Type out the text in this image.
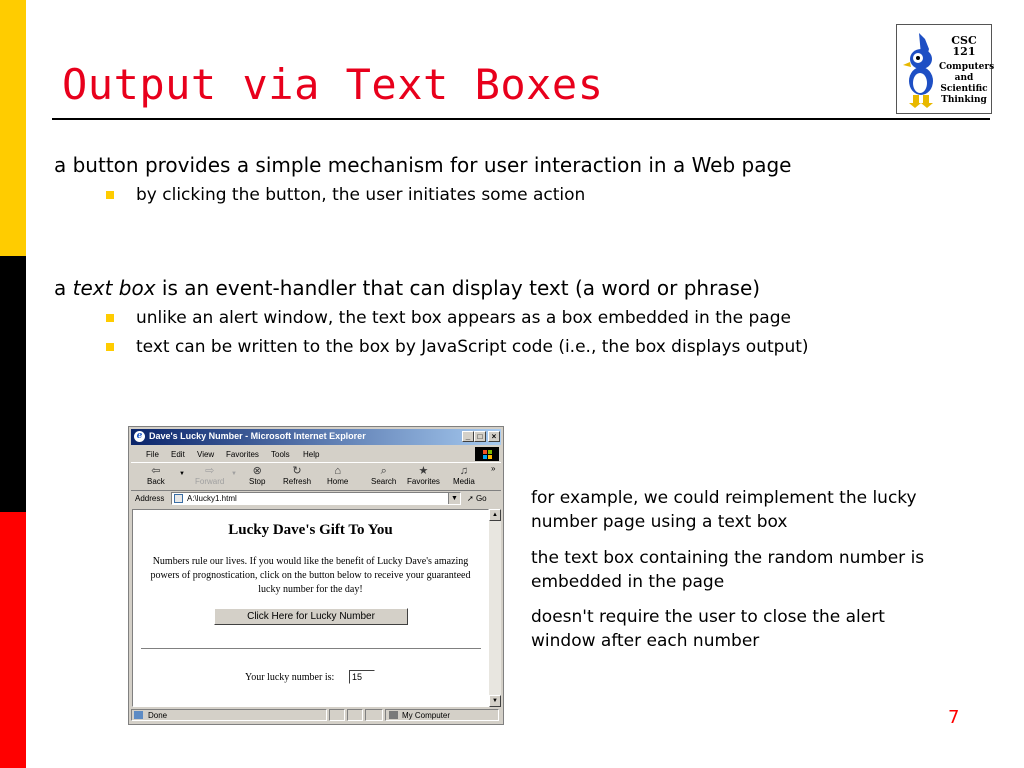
Output via Text Boxes
CSC 121
Computers
and
Scientific
Thinking
a button provides a simple mechanism for user interaction in a Web page
by clicking the button, the user initiates some action
a text box is an event-handler that can display text (a word or phrase)
unlike an alert window, the text box appears as a box embedded in the page
text can be written to the box by JavaScript code (i.e., the box displays output)
for example, we could reimplement the lucky number page using a text box
the text box containing the random number is embedded in the page
doesn't require the user to close the alert window after each number
7
e Dave's Lucky Number - Microsoft Internet Explorer	_ □	×
File Edit View Favorites Tools Help
⇦
Back
▼	⇨
Forward
▼	⊗
Stop
↻
Refresh
⌂
Home
⌕
Search
★
Favorites
♫
Media
»
Address	A:\lucky1.html	▼ ➚ Go
Lucky Dave's Gift To You
Numbers rule our lives. If you would like the benefit of Lucky Dave's amazing powers of prognostication, click on the button below to receive your guaranteed lucky number for the day!
Click Here for Lucky Number
Your lucky number is:
15
▲
▼
Done	My Computer
